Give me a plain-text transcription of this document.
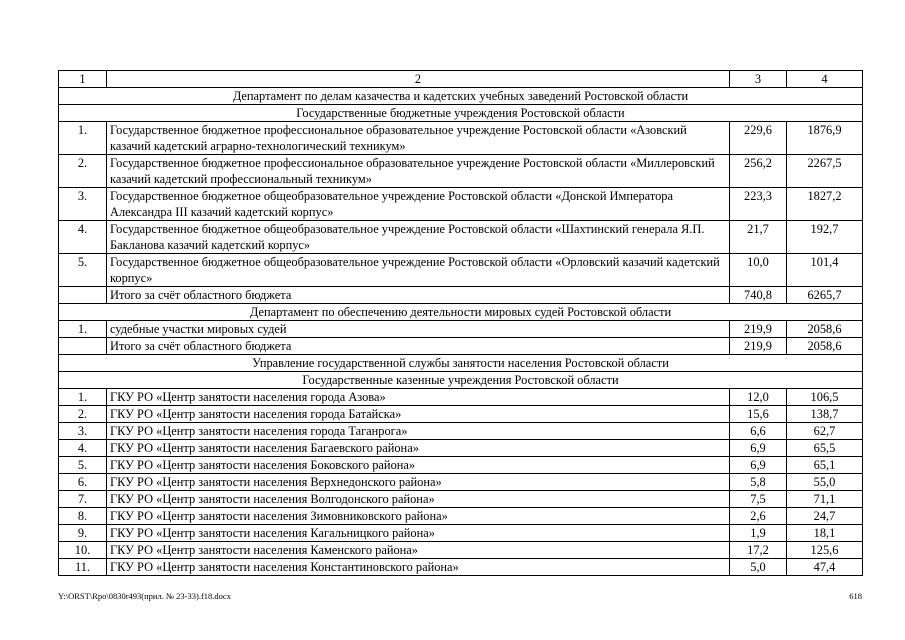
1	2	3	4
Департамент по делам казачества и кадетских учебных заведений Ростовской области			
Государственные бюджетные учреждения Ростовской области			
1.	Государственное бюджетное профессиональное образовательное учреждение Ростовской области «Азовский казачий кадетский аграрно-технологический техникум»	229,6	1876,9
2.	Государственное бюджетное профессиональное образовательное учреждение Ростовской области «Миллеровский казачий кадетский профессиональный техникум»	256,2	2267,5
3.	Государственное бюджетное общеобразовательное учреждение Ростовской области «Донской Императора Александра III казачий кадетский корпус»	223,3	1827,2
4.	Государственное бюджетное общеобразовательное учреждение Ростовской области «Шахтинский генерала Я.П. Бакланова казачий кадетский корпус»	21,7	192,7
5.	Государственное бюджетное общеобразовательное учреждение Ростовской области «Орловский казачий кадетский корпус»	10,0	101,4
	Итого за счёт областного бюджета	740,8	6265,7
Департамент по обеспечению деятельности мировых судей Ростовской области			
1.	судебные участки мировых судей	219,9	2058,6
	Итого за счёт областного бюджета	219,9	2058,6
Управление государственной службы занятости населения Ростовской области			
Государственные казенные учреждения Ростовской области			
1.	ГКУ РО «Центр занятости населения города Азова»	12,0	106,5
2.	ГКУ РО «Центр занятости населения города Батайска»	15,6	138,7
3.	ГКУ РО «Центр занятости населения города Таганрога»	6,6	62,7
4.	ГКУ РО «Центр занятости населения Багаевского района»	6,9	65,5
5.	ГКУ РО «Центр занятости населения Боковского района»	6,9	65,1
6.	ГКУ РО «Центр занятости населения Верхнедонского района»	5,8	55,0
7.	ГКУ РО «Центр занятости населения Волгодонского района»	7,5	71,1
8.	ГКУ РО «Центр занятости населения Зимовниковского района»	2,6	24,7
9.	ГКУ РО «Центр занятости населения Кагальницкого района»	1,9	18,1
10.	ГКУ РО «Центр занятости населения Каменского района»	17,2	125,6
11.	ГКУ РО «Центр занятости населения Константиновского района»	5,0	47,4
Y:\ORST\Rpo\0830r493(прил. № 23-33).f18.docx	618
